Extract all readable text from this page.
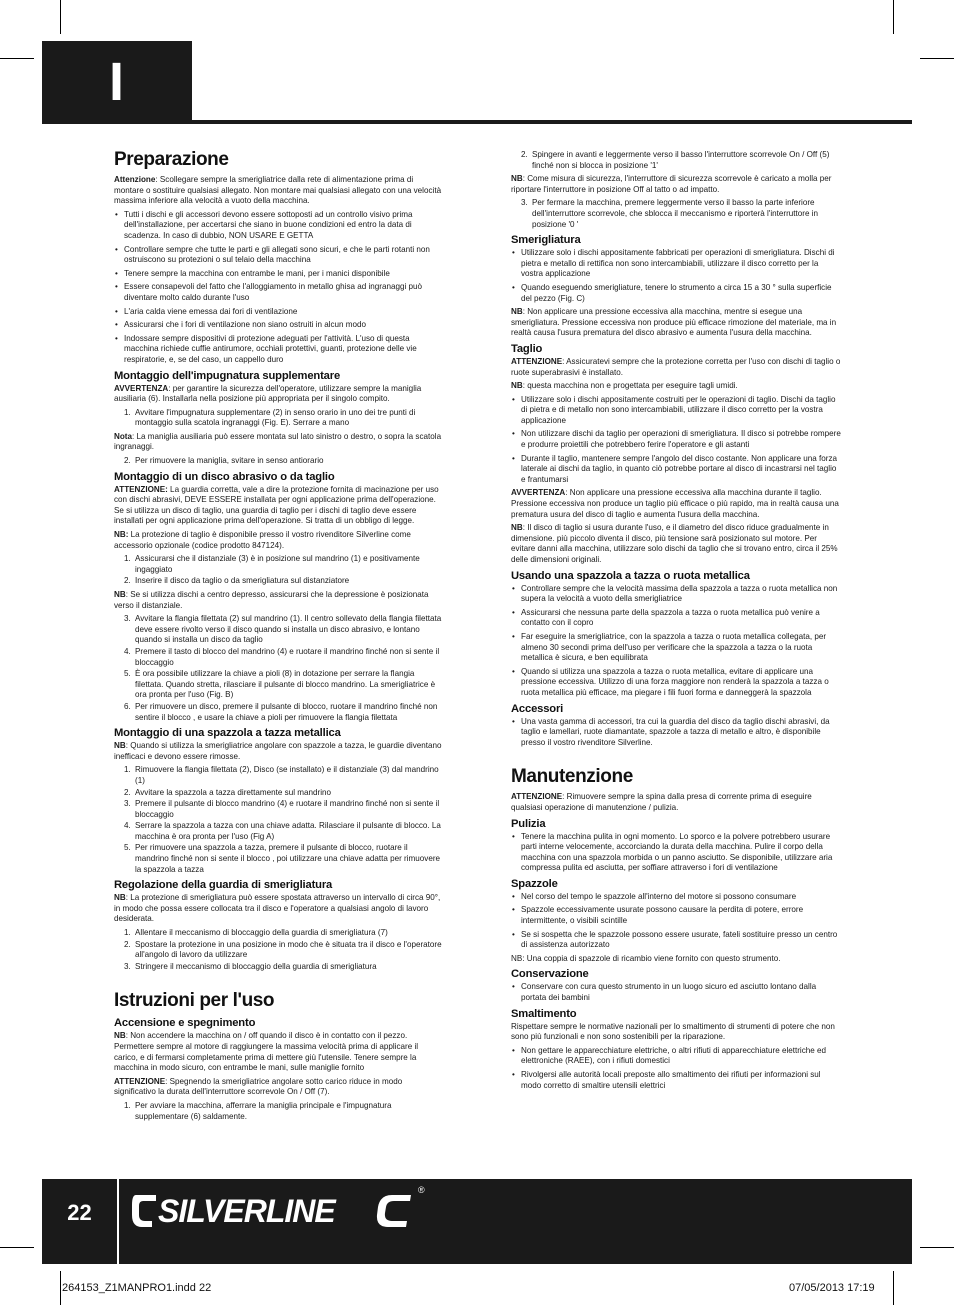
I
Preparazione

Attenzione: Scollegare sempre la smerigliatrice dalla rete di alimentazione prima di montare o sostituire qualsiasi allegato. Non montare mai qualsiasi allegato con una velocità massima inferiore alla velocità a vuoto della macchina.

• Tutti i dischi e gli accessori devono essere sottoposti ad un controllo visivo prima dell'installazione, per accertarsi che siano in buone condizioni ed entro la data di scadenza. In caso di dubbio, NON USARE E GETTA
• Controllare sempre che tutte le parti e gli allegati sono sicuri, e che le parti rotanti non ostruiscono su protezioni o sul telaio della macchina
• Tenere sempre la macchina con entrambe le mani, per i manici disponibile
• Essere consapevoli del fatto che l'alloggiamento in metallo ghisa ad ingranaggi può diventare molto caldo durante l'uso
• L'aria calda viene emessa dai fori di ventilazione
• Assicurarsi che i fori di ventilazione non siano ostruiti in alcun modo
• Indossare sempre dispositivi di protezione adeguati per l'attività. L'uso di questa macchina richiede cuffie antirumore, occhiali protettivi, guanti, protezione delle vie respiratorie, e, se del caso, un cappello duro
Montaggio dell'impugnatura supplementare

AVVERTENZA: per garantire la sicurezza dell'operatore, utilizzare sempre la maniglia ausiliaria (6). Installarla nella posizione più appropriata per il singolo compito.

1. Avvitare l'impugnatura supplementare (2) in senso orario in uno dei tre punti di montaggio sulla scatola ingranaggi (Fig. E). Serrare a mano

Nota: La maniglia ausiliaria può essere montata sul lato sinistro o destro, o sopra la scatola ingranaggi.

2. Per rimuovere la maniglia, svitare in senso antiorario
Montaggio di un disco abrasivo o da taglio

ATTENZIONE: La guardia corretta, vale a dire la protezione fornita di macinazione per uso con dischi abrasivi, DEVE ESSERE installata per ogni applicazione prima dell'operazione. Se si utilizza un disco di taglio, una guardia di taglio per i dischi di taglio deve essere installati per ogni applicazione prima dell'operazione. Si tratta di un obbligo di legge.

NB: La protezione di taglio è disponibile presso il vostro rivenditore Silverline come accessorio opzionale (codice prodotto 847124).

1. Assicurarsi che il distanziale (3) è in posizione sul mandrino (1) e positivamente ingaggiato
2. Inserire il disco da taglio o da smerigliatura sul distanziatore

NB: Se si utilizza dischi a centro depresso, assicurarsi che la depressione è posizionata verso il distanziale.

3. Avvitare la flangia filettata (2) sul mandrino (1). Il centro sollevato della flangia filettata deve essere rivolto verso il disco quando si installa un disco abrasivo, e lontano quando si installa un disco da taglio
4. Premere il tasto di blocco del mandrino (4) e ruotare il mandrino finché non si sente il bloccaggio
5. È ora possibile utilizzare la chiave a pioli (8) in dotazione per serrare la flangia filettata. Quando stretta, rilasciare il pulsante di blocco mandrino. La smerigliatrice è ora pronta per l'uso (Fig. B)
6. Per rimuovere un disco, premere il pulsante di blocco, ruotare il mandrino finché non sentire il blocco , e usare la chiave a pioli per rimuovere la flangia filettata
Montaggio di una spazzola a tazza metallica

NB: Quando si utilizza la smerigliatrice angolare con spazzole a tazza, le guardie diventano inefficaci e devono essere rimosse.

1. Rimuovere la flangia filettata (2), Disco (se installato) e il distanziale (3) dal mandrino (1)
2. Avvitare la spazzola a tazza direttamente sul mandrino
3. Premere il pulsante di blocco mandrino (4) e ruotare il mandrino finché non si sente il bloccaggio
4. Serrare la spazzola a tazza con una chiave adatta. Rilasciare il pulsante di blocco. La macchina è ora pronta per l'uso (Fig A)
5. Per rimuovere una spazzola a tazza, premere il pulsante di blocco, ruotare il mandrino finché non si sente il blocco , poi utilizzare una chiave adatta per rimuovere la spazzola a tazza
Regolazione della guardia di smerigliatura

NB: La protezione di smerigliatura può essere spostata attraverso un intervallo di circa 90°, in modo che possa essere collocata tra il disco e l'operatore a qualsiasi angolo di lavoro desiderata.

1. Allentare il meccanismo di bloccaggio della guardia di smerigliatura (7)
2. Spostare la protezione in una posizione in modo che è situata tra il disco e l'operatore all'angolo di lavoro da utilizzare
3. Stringere il meccanismo di bloccaggio della guardia di smerigliatura
Istruzioni per l'uso
Accensione e spegnimento

NB: Non accendere la macchina on / off quando il disco è in contatto con il pezzo. Permettere sempre al motore di raggiungere la massima velocità prima di applicare il carico, e di fermarsi completamente prima di mettere giù l'utensile. Tenere sempre la macchina in modo sicuro, con entrambe le mani, sulle maniglie fornito

ATTENZIONE: Spegnendo la smerigliatrice angolare sotto carico riduce in modo significativo la durata dell'interruttore scorrevole On / Off (7).

1. Per avviare la macchina, afferrare la maniglia principale e l'impugnatura supplementare (6) saldamente.
2. Spingere in avanti e leggermente verso il basso l'interruttore scorrevole On / Off (5) finché non si blocca in posizione '1'

NB: Come misura di sicurezza, l'interruttore di sicurezza scorrevole è caricato a molla per riportare l'interruttore in posizione Off al tatto o ad impatto.

3. Per fermare la macchina, premere leggermente verso il basso la parte inferiore dell'interruttore scorrevole, che sblocca il meccanismo e riporterà l'interruttore in posizione '0 '
Smerigliatura
• Utilizzare solo i dischi appositamente fabbricati per operazioni di smerigliatura. Dischi di pietra e metallo di rettifica non sono intercambiabili, utilizzare il disco corretto per la vostra applicazione
• Quando eseguendo smerigliature, tenere lo strumento a circa 15 a 30 ° sulla superficie del pezzo (Fig. C)

NB: Non applicare una pressione eccessiva alla macchina, mentre si esegue una smerigliatura. Pressione eccessiva non produce più efficace rimozione del materiale, ma in realtà causa l'usura prematura del disco abrasivo e aumenta l'usura della macchina.

Taglio

ATTENZIONE: Assicuratevi sempre che la protezione corretta per l'uso con dischi di taglio o ruote superabrasivi è installato.

NB: questa macchina non e progettata per eseguire tagli umidi.

• Utilizzare solo i dischi appositamente costruiti per le operazioni di taglio. Dischi da taglio di pietra e di metallo non sono intercambiabili, utilizzare il disco corretto per la vostra applicazione
• Non utilizzare dischi da taglio per operazioni di smerigliatura. Il disco si potrebbe rompere e produrre proiettili che potrebbero ferire l'operatore e gli astanti
• Durante il taglio, mantenere sempre l'angolo del disco costante. Non applicare una forza laterale ai dischi da taglio, in quanto ciò potrebbe portare al disco di incastrarsi nel taglio e frantumarsi

AVVERTENZA: Non applicare una pressione eccessiva alla macchina durante il taglio. Pressione eccessiva non produce un taglio più efficace o più rapido, ma in realtà causa una prematura usura del disco di taglio e aumenta l'usura della macchina.

NB: Il disco di taglio si usura durante l'uso, e il diametro del disco riduce gradualmente in dimensione. più piccolo diventa il disco, più tensione sarà posizionato sul motore. Per evitare danni alla macchina, utilizzare solo dischi da taglio che si trovano entro, circa il 25% delle dimensioni originali.

Usando una spazzola a tazza o ruota metallica
• Controllare sempre che la velocità massima della spazzola a tazza o ruota metallica non supera la velocità a vuoto della smerigliatrice
• Assicurarsi che nessuna parte della spazzola a tazza o ruota metallica può venire a contatto con il copro
• Far eseguire la smerigliatrice, con la spazzola a tazza o ruota metallica collegata, per almeno 30 secondi prima dell'uso per verificare che la spazzola a tazza o la ruota metallica è sicura, e ben equilibrata
• Quando si utilizza una spazzola a tazza o ruota metallica, evitare di applicare una pressione eccessiva. Utilizzo di una forza maggiore non renderà la spazzola a tazza o ruota metallica più efficace, ma piegare i fili fuori forma e danneggerà la spazzola
Accessori
• Una vasta gamma di accessori, tra cui la guardia del disco da taglio dischi abrasivi, da taglio e lamellari, ruote diamantate, spazzole a tazza di metallo e altro, è disponibile presso il vostro rivenditore Silverline.
Manutenzione

ATTENZIONE: Rimuovere sempre la spina dalla presa di corrente prima di eseguire qualsiasi operazione di manutenzione / pulizia.

Pulizia
• Tenere la macchina pulita in ogni momento. Lo sporco e la polvere potrebbero usurare parti interne velocemente, accorciando la durata della macchina. Pulire il corpo della macchina con una spazzola morbida o un panno asciutto. Se disponibile, utilizzare aria compressa pulita ed asciutta, per soffiare attraverso i fori di ventilazione
Spazzole
• Nel corso del tempo le spazzole all'interno del motore si possono consumare
• Spazzole eccessivamente usurate possono causare la perdita di potere, errore intermittente, o visibili scintille
• Se si sospetta che le spazzole possono essere usurate, fateli sostituire presso un centro di assistenza autorizzato

NB: Una coppia di spazzole di ricambio viene fornito con questo strumento.

Conservazione
• Conservare con cura questo strumento in un luogo sicuro ed asciutto lontano dalla portata dei bambini
Smaltimento

Rispettare sempre le normative nazionali per lo smaltimento di strumenti di potere che non sono più funzionali e non sono sostenibili per la riparazione.

• Non gettare le apparecchiature elettriche, o altri rifiuti di apparecchiature elettriche ed elettroniche (RAEE), con i rifiuti domestici
• Rivolgersi alle autorità locali preposte allo smaltimento dei rifiuti per informazioni sul modo corretto di smaltire utensili elettrici
22	SILVERLINE
®
264153_Z1MANPRO1.indd 22	07/05/2013 17:19
